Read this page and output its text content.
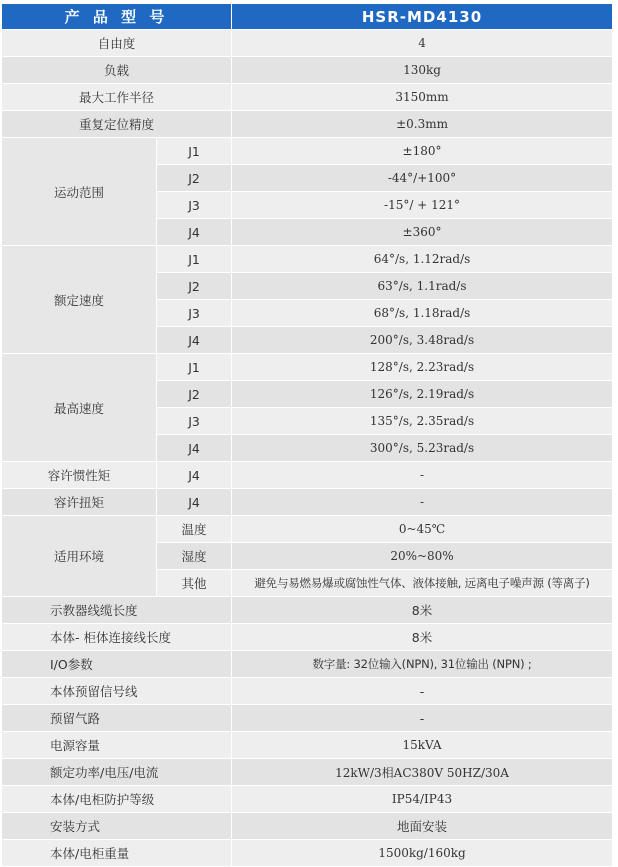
产 品 型 号		HSR-MD4130
自由度		4
负载		130kg
最大工作半径		3150mm
重复定位精度		±0.3mm
运动范围	J1	±180°
	J2	-44°/+100°
	J3	-15°/ + 121°
	J4	±360°
额定速度	J1	64°/s, 1.12rad/s
	J2	63°/s, 1.1rad/s
	J3	68°/s, 1.18rad/s
	J4	200°/s, 3.48rad/s
最高速度	J1	128°/s, 2.23rad/s
	J2	126°/s, 2.19rad/s
	J3	135°/s, 2.35rad/s
	J4	300°/s, 5.23rad/s
容许惯性矩	J4	-
容许扭矩	J4	-
适用环境	温度	0~45℃
	湿度	20%~80%
	其他	避免与易燃易爆或腐蚀性气体、液体接触, 远离电子噪声源 (等离子)
示教器线缆长度		8米
本体- 柜体连接线长度		8米
I/O参数		数字量: 32位输入(NPN), 31位输出 (NPN) ;
本体预留信号线		-
预留气路		-
电源容量		15kVA
额定功率/电压/电流		12kW/3相AC380V 50HZ/30A
本体/电柜防护等级		IP54/IP43
安装方式		地面安装
本体/电柜重量		1500kg/160kg
